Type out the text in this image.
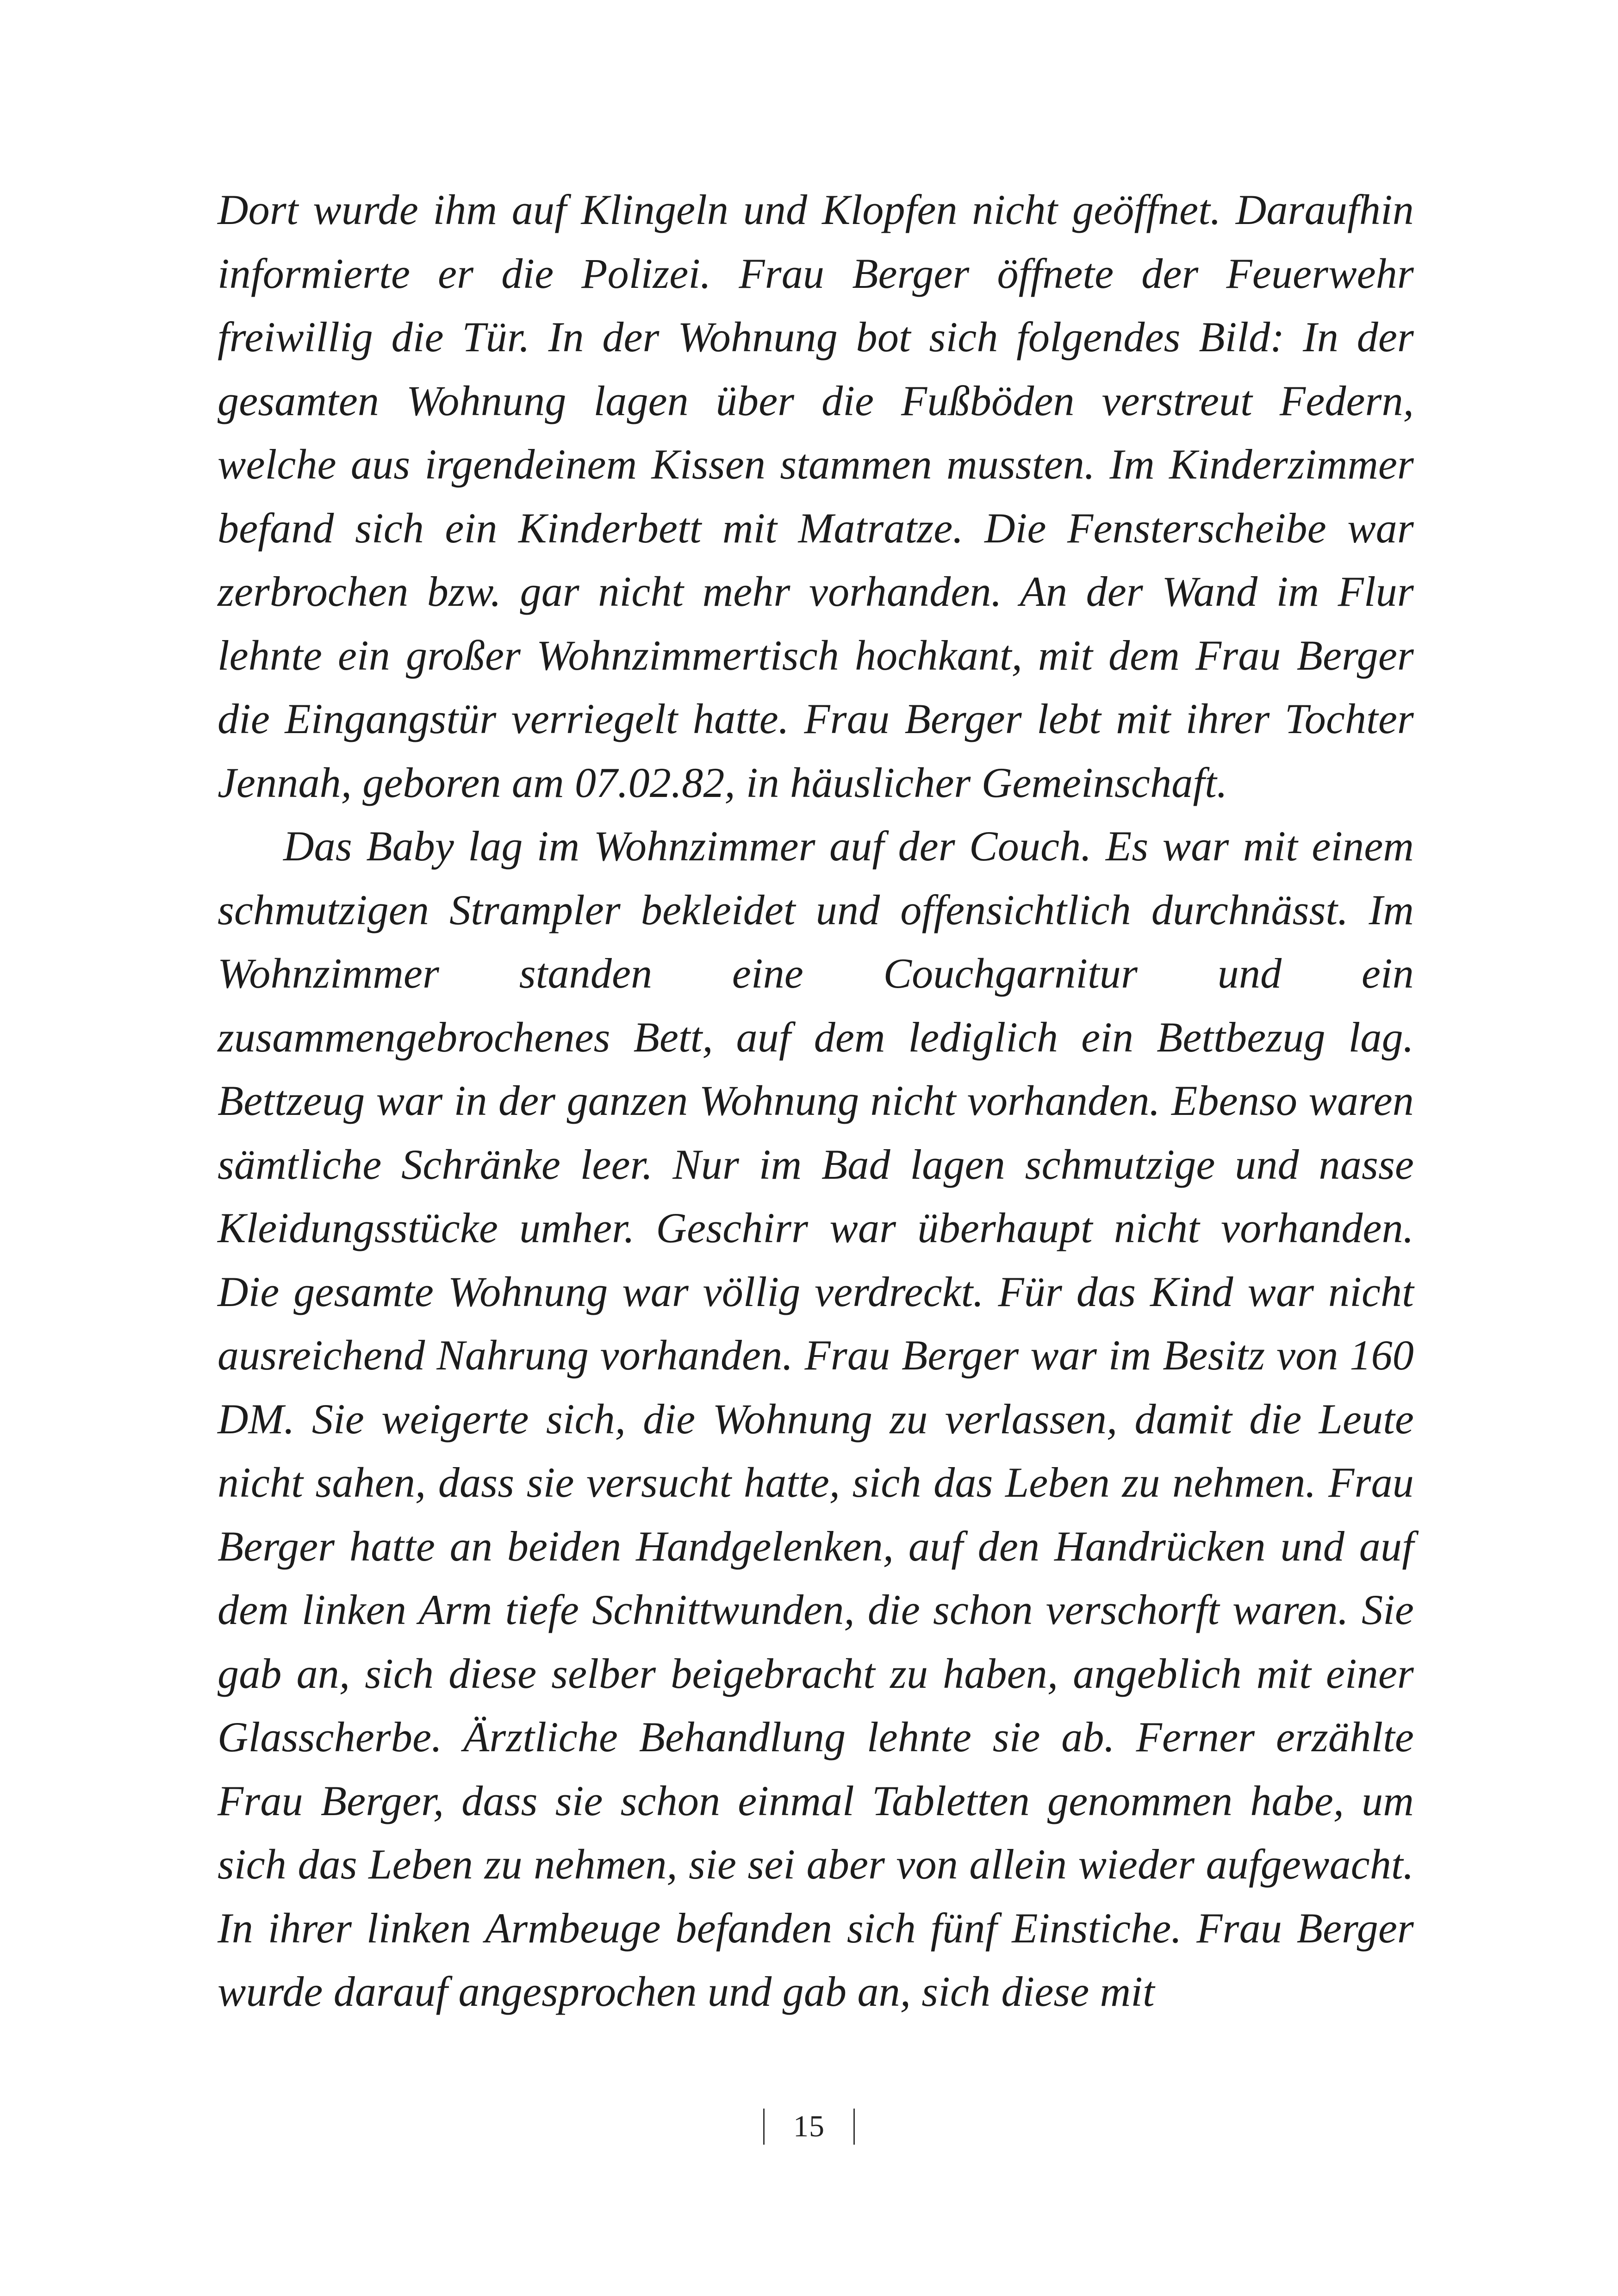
Dort wurde ihm auf Klingeln und Klopfen nicht geöffnet. Daraufhin informierte er die Polizei. Frau Berger öffnete der Feuerwehr freiwillig die Tür. In der Wohnung bot sich folgendes Bild: In der gesamten Wohnung lagen über die Fußböden verstreut Federn, welche aus irgendeinem Kissen stammen mussten. Im Kinderzimmer befand sich ein Kinderbett mit Matratze. Die Fensterscheibe war zerbrochen bzw. gar nicht mehr vorhanden. An der Wand im Flur lehnte ein großer Wohnzimmertisch hochkant, mit dem Frau Berger die Eingangstür verriegelt hatte. Frau Berger lebt mit ihrer Tochter Jennah, geboren am 07.02.82, in häuslicher Gemeinschaft.

Das Baby lag im Wohnzimmer auf der Couch. Es war mit einem schmutzigen Strampler bekleidet und offensichtlich durchnässt. Im Wohnzimmer standen eine Couchgarnitur und ein zusammengebrochenes Bett, auf dem lediglich ein Bettbezug lag. Bettzeug war in der ganzen Wohnung nicht vorhanden. Ebenso waren sämtliche Schränke leer. Nur im Bad lagen schmutzige und nasse Kleidungsstücke umher. Geschirr war überhaupt nicht vorhanden. Die gesamte Wohnung war völlig verdreckt. Für das Kind war nicht ausreichend Nahrung vorhanden. Frau Berger war im Besitz von 160 DM. Sie weigerte sich, die Wohnung zu verlassen, damit die Leute nicht sahen, dass sie versucht hatte, sich das Leben zu nehmen. Frau Berger hatte an beiden Handgelenken, auf den Handrücken und auf dem linken Arm tiefe Schnittwunden, die schon verschorft waren. Sie gab an, sich diese selber beigebracht zu haben, angeblich mit einer Glasscherbe. Ärztliche Behandlung lehnte sie ab. Ferner erzählte Frau Berger, dass sie schon einmal Tabletten genommen habe, um sich das Leben zu nehmen, sie sei aber von allein wieder aufgewacht. In ihrer linken Armbeuge befanden sich fünf Einstiche. Frau Berger wurde darauf angesprochen und gab an, sich diese mit

15
